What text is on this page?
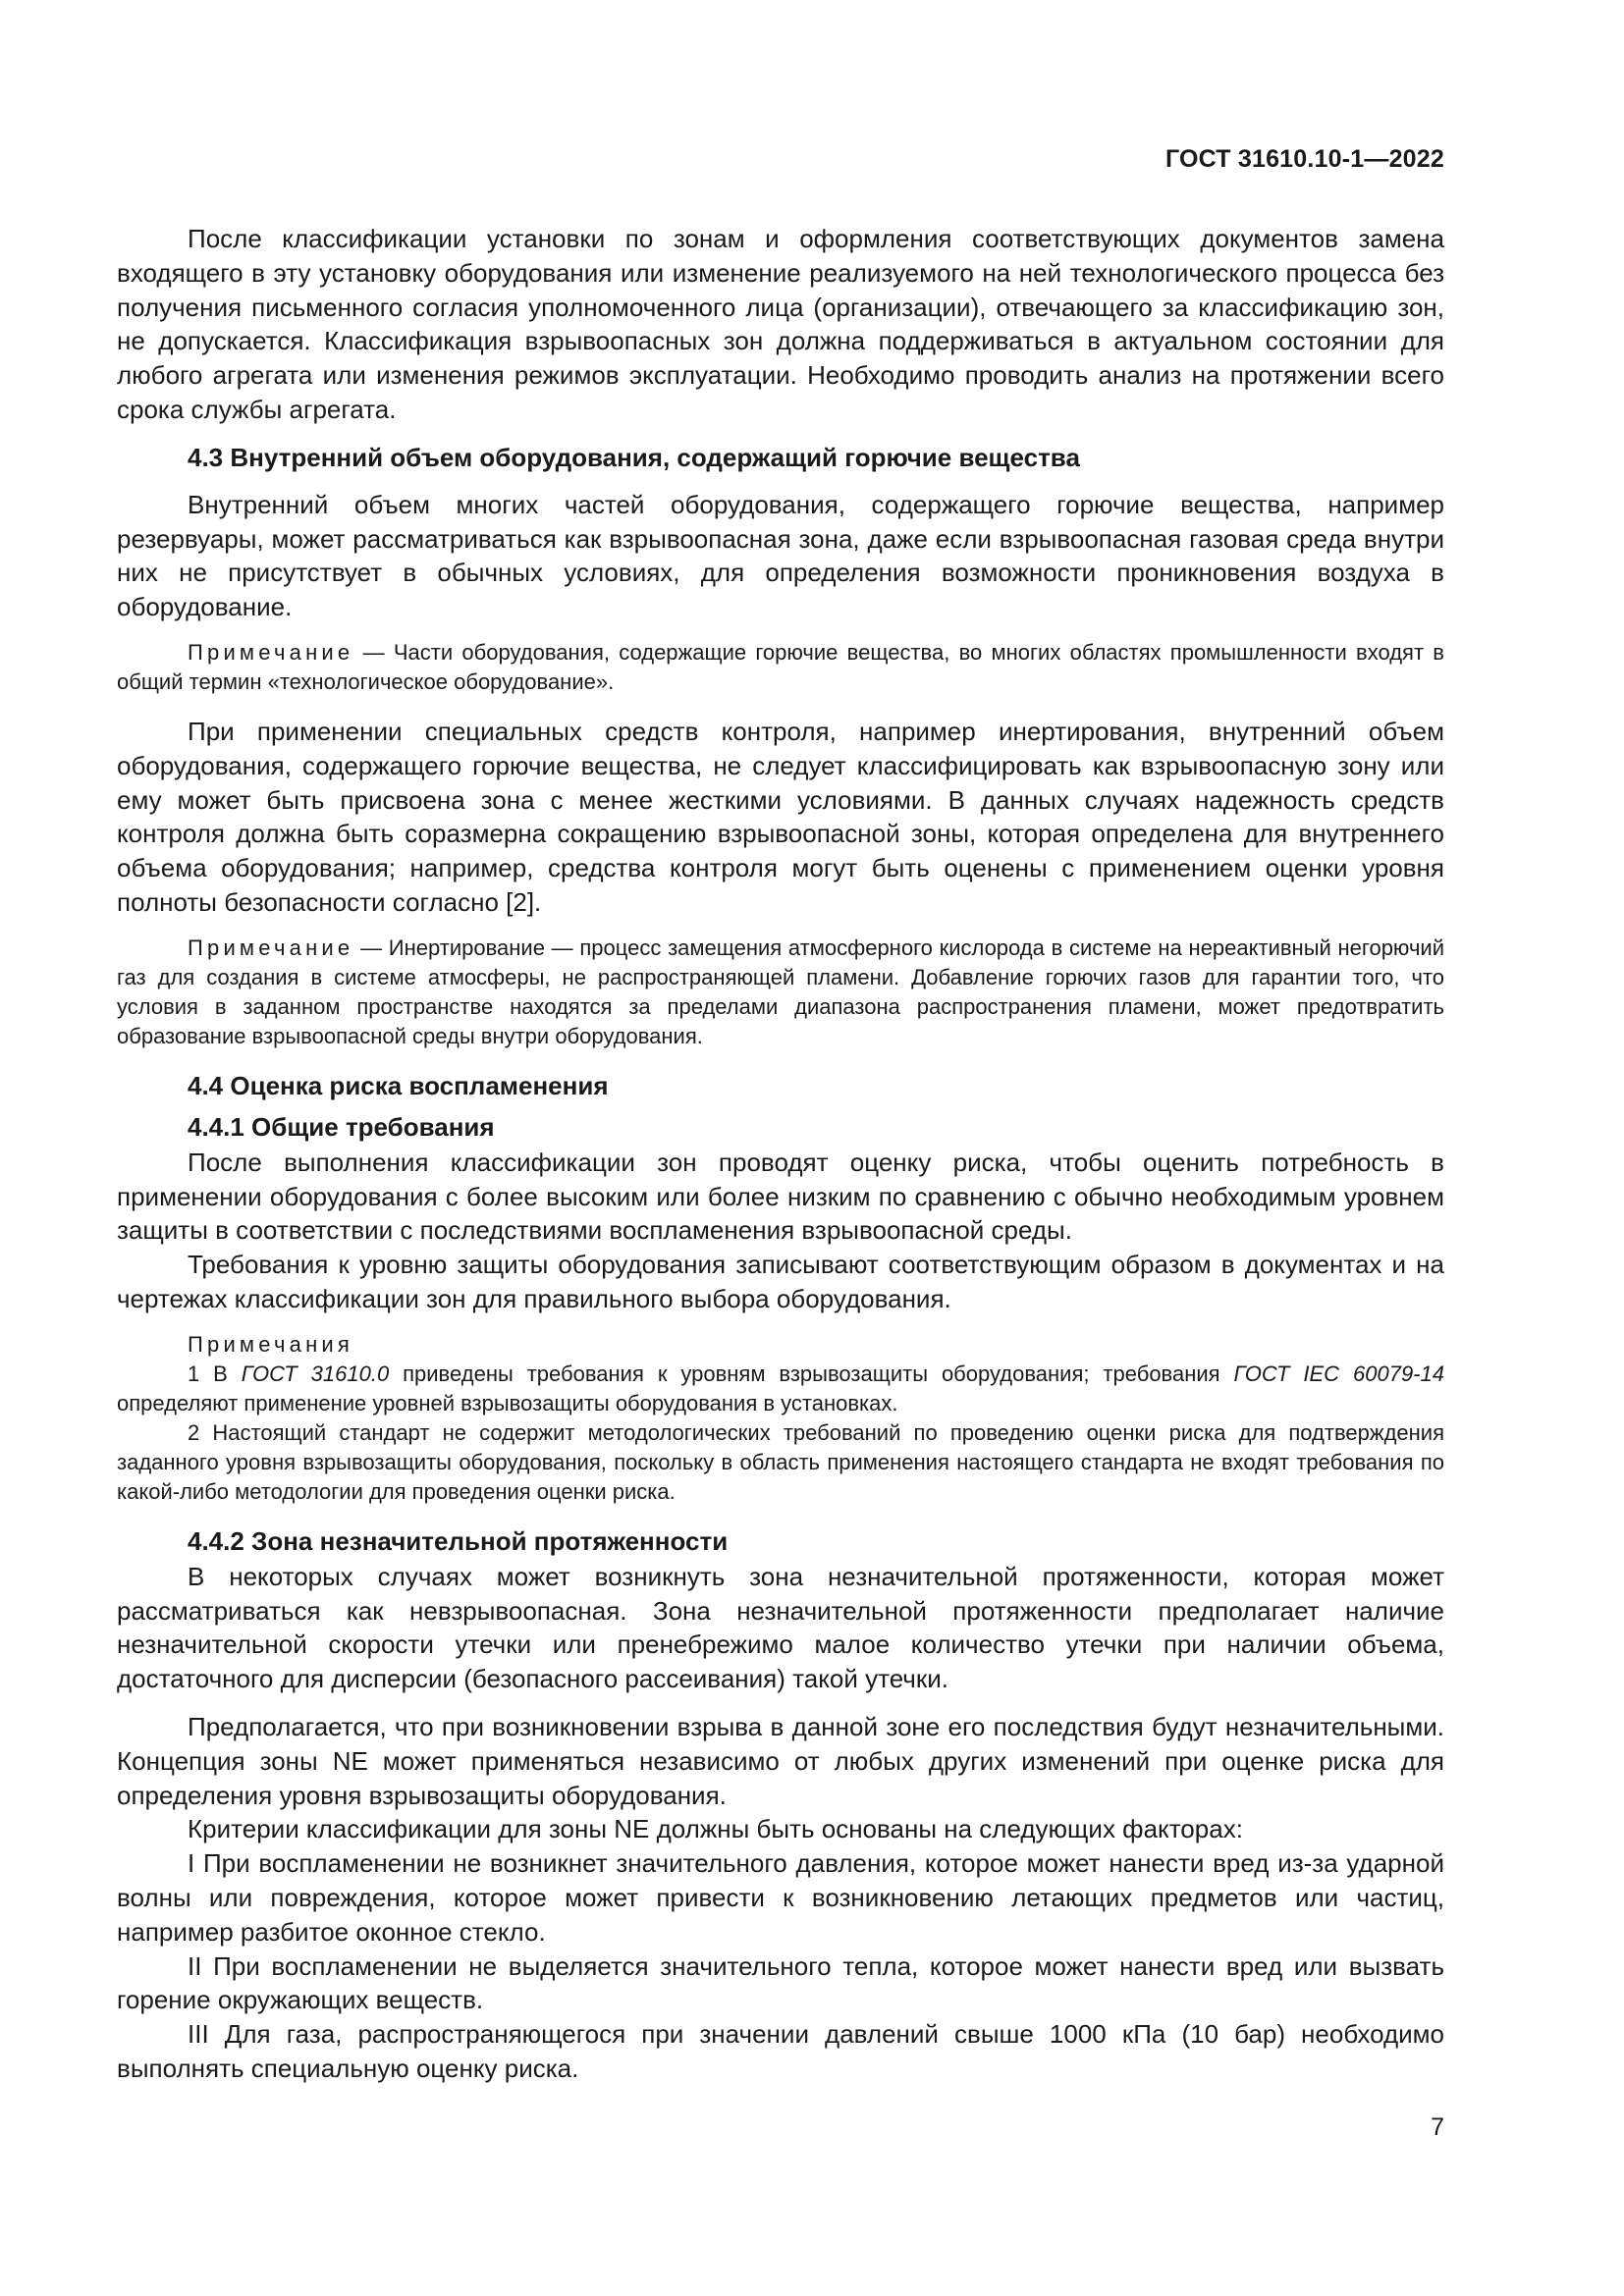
ГОСТ 31610.10-1—2022

После классификации установки по зонам и оформления соответствующих документов замена входящего в эту установку оборудования или изменение реализуемого на ней технологического процесса без получения письменного согласия уполномоченного лица (организации), отвечающего за классификацию зон, не допускается. Классификация взрывоопасных зон должна поддерживаться в актуальном состоянии для любого агрегата или изменения режимов эксплуатации. Необходимо проводить анализ на протяжении всего срока службы агрегата.

4.3 Внутренний объем оборудования, содержащий горючие вещества

Внутренний объем многих частей оборудования, содержащего горючие вещества, например резервуары, может рассматриваться как взрывоопасная зона, даже если взрывоопасная газовая среда внутри них не присутствует в обычных условиях, для определения возможности проникновения воздуха в оборудование.

Примечание — Части оборудования, содержащие горючие вещества, во многих областях промышленности входят в общий термин «технологическое оборудование».

При применении специальных средств контроля, например инертирования, внутренний объем оборудования, содержащего горючие вещества, не следует классифицировать как взрывоопасную зону или ему может быть присвоена зона с менее жесткими условиями. В данных случаях надежность средств контроля должна быть соразмерна сокращению взрывоопасной зоны, которая определена для внутреннего объема оборудования; например, средства контроля могут быть оценены с применением оценки уровня полноты безопасности согласно [2].

Примечание — Инертирование — процесс замещения атмосферного кислорода в системе на нереактивный негорючий газ для создания в системе атмосферы, не распространяющей пламени. Добавление горючих газов для гарантии того, что условия в заданном пространстве находятся за пределами диапазона распространения пламени, может предотвратить образование взрывоопасной среды внутри оборудования.

4.4 Оценка риска воспламенения
4.4.1 Общие требования

После выполнения классификации зон проводят оценку риска, чтобы оценить потребность в применении оборудования с более высоким или более низким по сравнению с обычно необходимым уровнем защиты в соответствии с последствиями воспламенения взрывоопасной среды.

Требования к уровню защиты оборудования записывают соответствующим образом в документах и на чертежах классификации зон для правильного выбора оборудования.

Примечания

1 В ГОСТ 31610.0 приведены требования к уровням взрывозащиты оборудования; требования ГОСТ IEC 60079-14 определяют применение уровней взрывозащиты оборудования в установках.

2 Настоящий стандарт не содержит методологических требований по проведению оценки риска для подтверждения заданного уровня взрывозащиты оборудования, поскольку в область применения настоящего стандарта не входят требования по какой-либо методологии для проведения оценки риска.

4.4.2 Зона незначительной протяженности

В некоторых случаях может возникнуть зона незначительной протяженности, которая может рассматриваться как невзрывоопасная. Зона незначительной протяженности предполагает наличие незначительной скорости утечки или пренебрежимо малое количество утечки при наличии объема, достаточного для дисперсии (безопасного рассеивания) такой утечки.

Предполагается, что при возникновении взрыва в данной зоне его последствия будут незначительными. Концепция зоны NE может применяться независимо от любых других изменений при оценке риска для определения уровня взрывозащиты оборудования.

Критерии классификации для зоны NE должны быть основаны на следующих факторах:

I При воспламенении не возникнет значительного давления, которое может нанести вред из-за ударной волны или повреждения, которое может привести к возникновению летающих предметов или частиц, например разбитое оконное стекло.

II При воспламенении не выделяется значительного тепла, которое может нанести вред или вызвать горение окружающих веществ.

III Для газа, распространяющегося при значении давлений свыше 1000 кПа (10 бар) необходимо выполнять специальную оценку риска.

7
